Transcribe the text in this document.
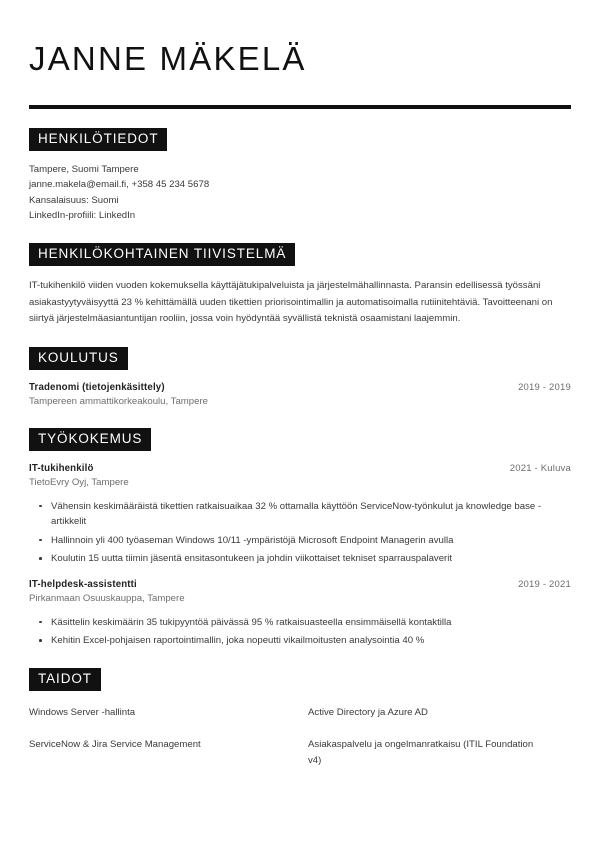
JANNE MÄKELÄ
HENKILÖTIEDOT
Tampere, Suomi Tampere
janne.makela@email.fi, +358 45 234 5678
Kansalaisuus: Suomi
LinkedIn-profiili: LinkedIn
HENKILÖKOHTAINEN TIIVISTELMÄ

IT-tukihenkilö viiden vuoden kokemuksella käyttäjätukipalveluista ja järjestelmähallinnasta. Paransin edellisessä työssäni asiakastyytyväisyyttä 23 % kehittämällä uuden tikettien priorisointimallin ja automatisoimalla rutiinitehtäviä. Tavoitteenani on siirtyä järjestelmäasiantuntijan rooliin, jossa voin hyödyntää syvällistä teknistä osaamistani laajemmin.

KOULUTUS
Tradenomi (tietojenkäsittely)	2019 - 2019
Tampereen ammattikorkeakoulu, Tampere
TYÖKOKEMUS
IT-tukihenkilö	2021 - Kuluva
TietoEvry Oyj, Tampere
Vähensin keskimääräistä tikettien ratkaisuaikaa 32 % ottamalla käyttöön ServiceNow-työnkulut ja knowledge base -artikkelit
Hallinnoin yli 400 työaseman Windows 10/11 -ympäristöjä Microsoft Endpoint Managerin avulla
Koulutin 15 uutta tiimin jäsentä ensitasontukeen ja johdin viikottaiset tekniset sparrauspalaverit
IT-helpdesk-assistentti	2019 - 2021
Pirkanmaan Osuuskauppa, Tampere
Käsittelin keskimäärin 35 tukipyyntöä päivässä 95 % ratkaisuasteella ensimmäisellä kontaktilla
Kehitin Excel-pohjaisen raportointimallin, joka nopeutti vikailmoitusten analysointia 40 %
TAIDOT
Windows Server -hallinta	Active Directory ja Azure AD
ServiceNow & Jira Service Management	Asiakaspalvelu ja ongelmanratkaisu (ITIL Foundation v4)
